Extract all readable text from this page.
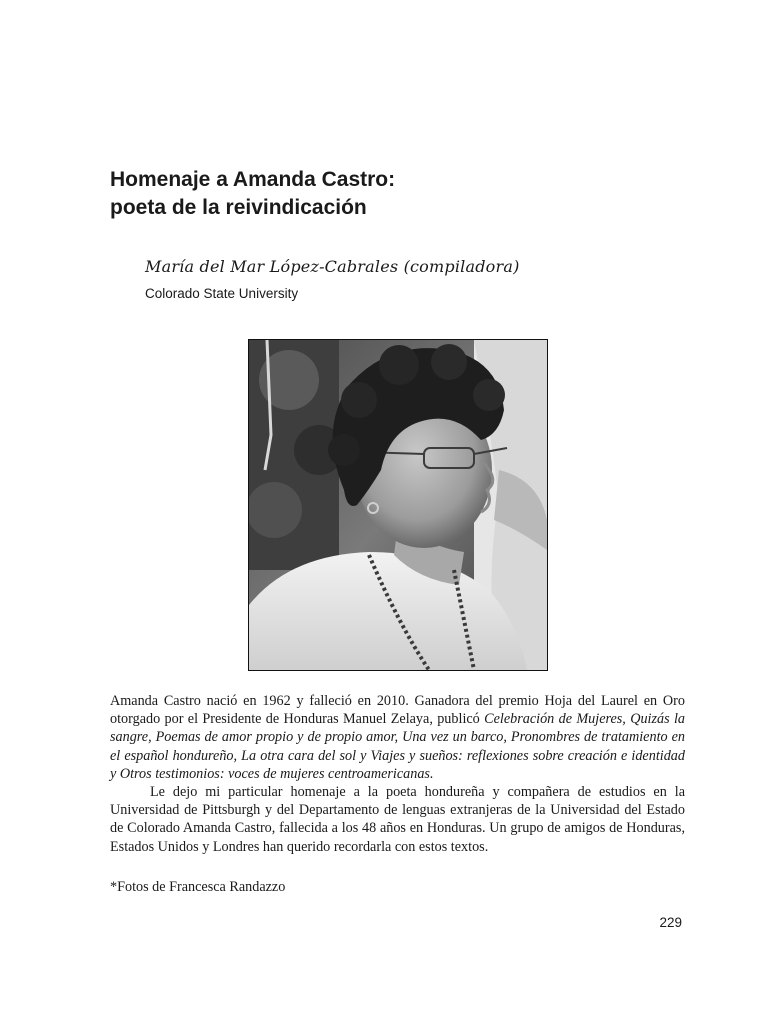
Homenaje a Amanda Castro:
poeta de la reivindicación
María del Mar López-Cabrales (compiladora)
Colorado State University

Amanda Castro nació en 1962 y falleció en 2010. Ganadora del premio Hoja del Laurel en Oro otorgado por el Presidente de Honduras Manuel Zelaya, publicó Celebración de Mujeres, Quizás la sangre, Poemas de amor propio y de propio amor, Una vez un barco, Pronombres de tratamiento en el español hondureño, La otra cara del sol y Viajes y sueños: reflexiones sobre creación e identidad y Otros testimonios: voces de mujeres centroamericanas.

Le dejo mi particular homenaje a la poeta hondureña y compañera de estudios en la Universidad de Pittsburgh y del Departamento de lenguas extranjeras de la Universidad del Estado de Colorado Amanda Castro, fallecida a los 48 años en Honduras. Un grupo de amigos de Honduras, Estados Unidos y Londres han querido recordarla con estos textos.

*Fotos de Francesca Randazzo
229
